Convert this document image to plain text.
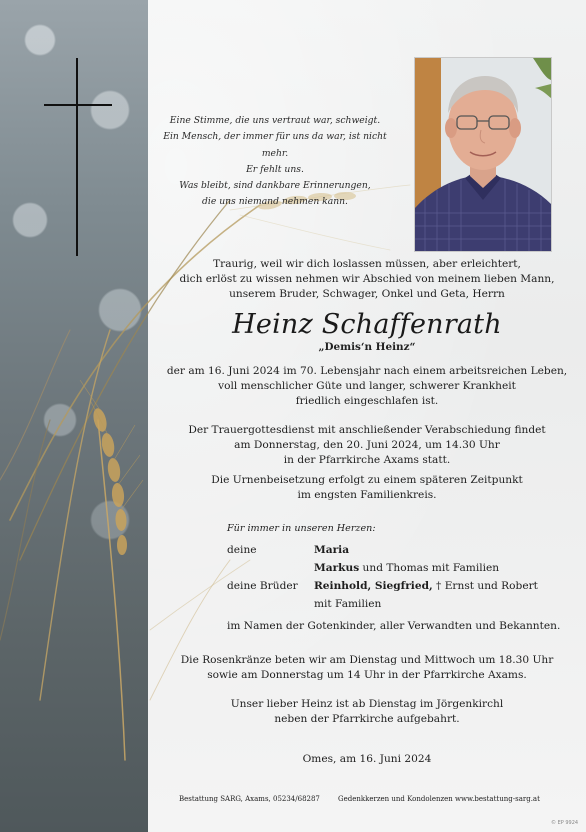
Eine Stimme, die uns vertraut war, schweigt.
Ein Mensch, der immer für uns da war, ist nicht mehr.
Er fehlt uns.
Was bleibt, sind dankbare Erinnerungen,
die uns niemand nehmen kann.
Traurig, weil wir dich loslassen müssen, aber erleichtert,
dich erlöst zu wissen nehmen wir Abschied von meinem lieben Mann,
unserem Bruder, Schwager, Onkel und Geta, Herrn
Heinz Schaffenrath
„Demis‘n Heinz“
der am 16. Juni 2024 im 70. Lebensjahr nach einem arbeitsreichen Leben,
voll menschlicher Güte und langer, schwerer Krankheit
friedlich eingeschlafen ist.
Der Trauergottesdienst mit anschließender Verabschiedung findet
am Donnerstag, den 20. Juni 2024, um 14.30 Uhr
in der Pfarrkirche Axams statt.
Die Urnenbeisetzung erfolgt zu einem späteren Zeitpunkt
im engsten Familienkreis.
Für immer in unseren Herzen:
deine	Maria
Markus und Thomas mit Familien
deine Brüder Reinhold, Siegfried, † Ernst und Robert
mit Familien
im Namen der Gotenkinder, aller Verwandten und Bekannten.
Die Rosenkränze beten wir am Dienstag und Mittwoch um 18.30 Uhr
sowie am Donnerstag um 14 Uhr in der Pfarrkirche Axams.
Unser lieber Heinz ist ab Dienstag im Jörgenkirchl
neben der Pfarrkirche aufgebahrt.
Omes, am 16. Juni 2024
Bestattung SARG, Axams, 05234/68287	Gedenkkerzen und Kondolenzen www.bestattung-sarg.at
© EP 9924
